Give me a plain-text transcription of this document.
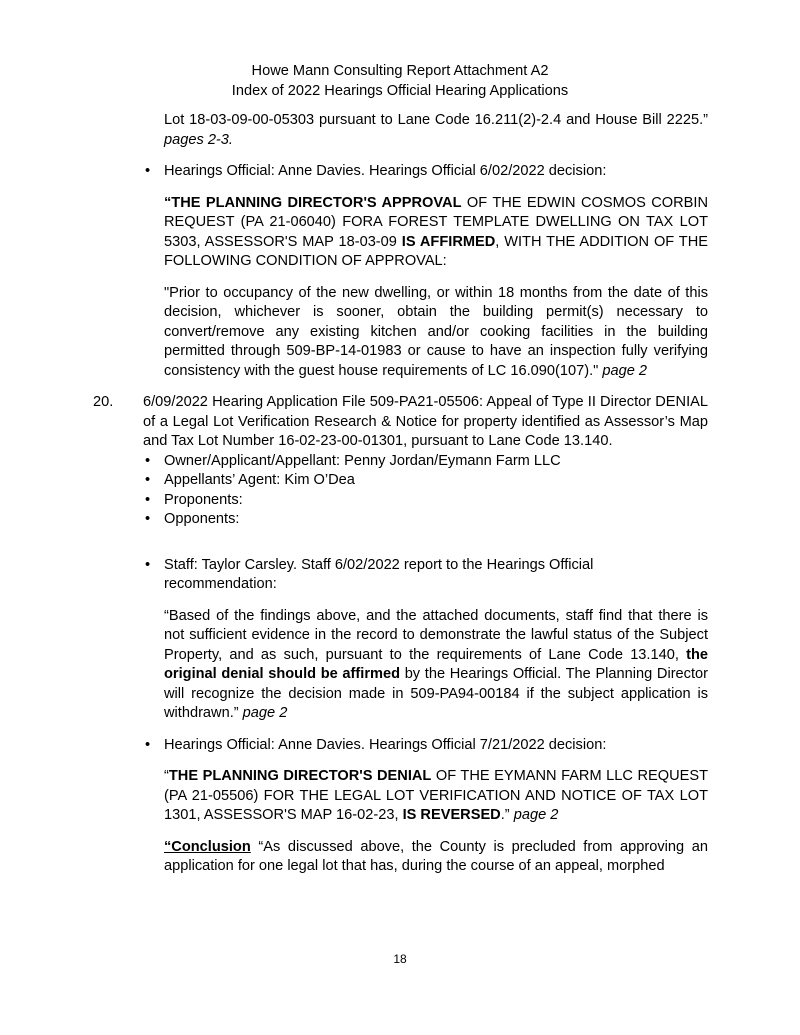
Howe Mann Consulting Report Attachment A2
Index of 2022 Hearings Official Hearing Applications
Lot 18-03-09-00-05303 pursuant to Lane Code 16.211(2)-2.4 and House Bill 2225.” pages 2-3.
• Hearings Official: Anne Davies. Hearings Official 6/02/2022 decision:
“THE PLANNING DIRECTOR'S APPROVAL OF THE EDWIN COSMOS CORBIN REQUEST (PA 21-06040) FORA FOREST TEMPLATE DWELLING ON TAX LOT 5303, ASSESSOR'S MAP 18-03-09 IS AFFIRMED, WITH THE ADDITION OF THE FOLLOWING CONDITION OF APPROVAL:
"Prior to occupancy of the new dwelling, or within 18 months from the date of this decision, whichever is sooner, obtain the building permit(s) necessary to convert/remove any existing kitchen and/or cooking facilities in the building permitted through 509-BP-14-01983 or cause to have an inspection fully verifying consistency with the guest house requirements of LC 16.090(107)." page 2
20. 6/09/2022 Hearing Application File 509-PA21-05506: Appeal of Type II Director DENIAL of a Legal Lot Verification Research & Notice for property identified as Assessor’s Map and Tax Lot Number 16-02-23-00-01301, pursuant to Lane Code 13.140.
• Owner/Applicant/Appellant: Penny Jordan/Eymann Farm LLC
• Appellants’ Agent: Kim O’Dea
• Proponents:
• Opponents:
• Staff: Taylor Carsley. Staff 6/02/2022 report to the Hearings Official recommendation:
“Based of the findings above, and the attached documents, staff find that there is not sufficient evidence in the record to demonstrate the lawful status of the Subject Property, and as such, pursuant to the requirements of Lane Code 13.140, the original denial should be affirmed by the Hearings Official. The Planning Director will recognize the decision made in 509-PA94-00184 if the subject application is withdrawn.” page 2
• Hearings Official: Anne Davies. Hearings Official 7/21/2022 decision:
“THE PLANNING DIRECTOR'S DENIAL OF THE EYMANN FARM LLC REQUEST (PA 21-05506) FOR THE LEGAL LOT VERIFICATION AND NOTICE OF TAX LOT 1301, ASSESSOR'S MAP 16-02-23, IS REVERSED.” page 2
“Conclusion “As discussed above, the County is precluded from approving an application for one legal lot that has, during the course of an appeal, morphed
18
